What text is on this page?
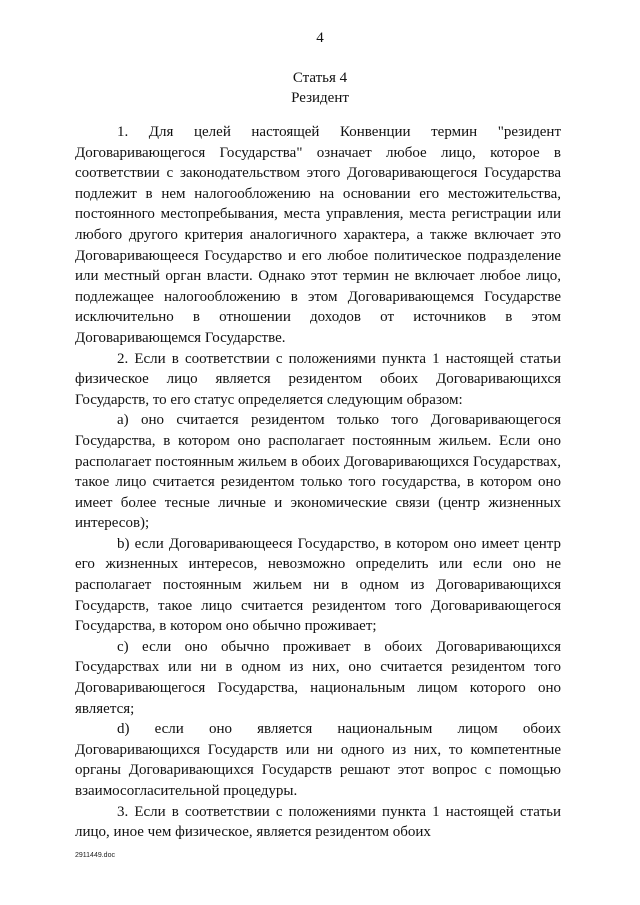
4
Статья 4
Резидент

1. Для целей настоящей Конвенции термин "резидент Договаривающегося Государства" означает любое лицо, которое в соответствии с законодательством этого Договаривающегося Государства подлежит в нем налогообложению на основании его местожительства, постоянного местопребывания, места управления, места регистрации или любого другого критерия аналогичного характера, а также включает это Договаривающееся Государство и его любое политическое подразделение или местный орган власти. Однако этот термин не включает любое лицо, подлежащее налогообложению в этом Договаривающемся Государстве исключительно в отношении доходов от источников в этом Договаривающемся Государстве.

2. Если в соответствии с положениями пункта 1 настоящей статьи физическое лицо является резидентом обоих Договаривающихся Государств, то его статус определяется следующим образом:

a) оно считается резидентом только того Договаривающегося Государства, в котором оно располагает постоянным жильем. Если оно располагает постоянным жильем в обоих Договаривающихся Государствах, такое лицо считается резидентом только того государства, в котором оно имеет более тесные личные и экономические связи (центр жизненных интересов);

b) если Договаривающееся Государство, в котором оно имеет центр его жизненных интересов, невозможно определить или если оно не располагает постоянным жильем ни в одном из Договаривающихся Государств, такое лицо считается резидентом того Договаривающегося Государства, в котором оно обычно проживает;

c) если оно обычно проживает в обоих Договаривающихся Государствах или ни в одном из них, оно считается резидентом того Договаривающегося Государства, национальным лицом которого оно является;

d) если оно является национальным лицом обоих Договаривающихся Государств или ни одного из них, то компетентные органы Договаривающихся Государств решают этот вопрос с помощью взаимосогласительной процедуры.

3. Если в соответствии с положениями пункта 1 настоящей статьи лицо, иное чем физическое, является резидентом обоих

2911449.doc
